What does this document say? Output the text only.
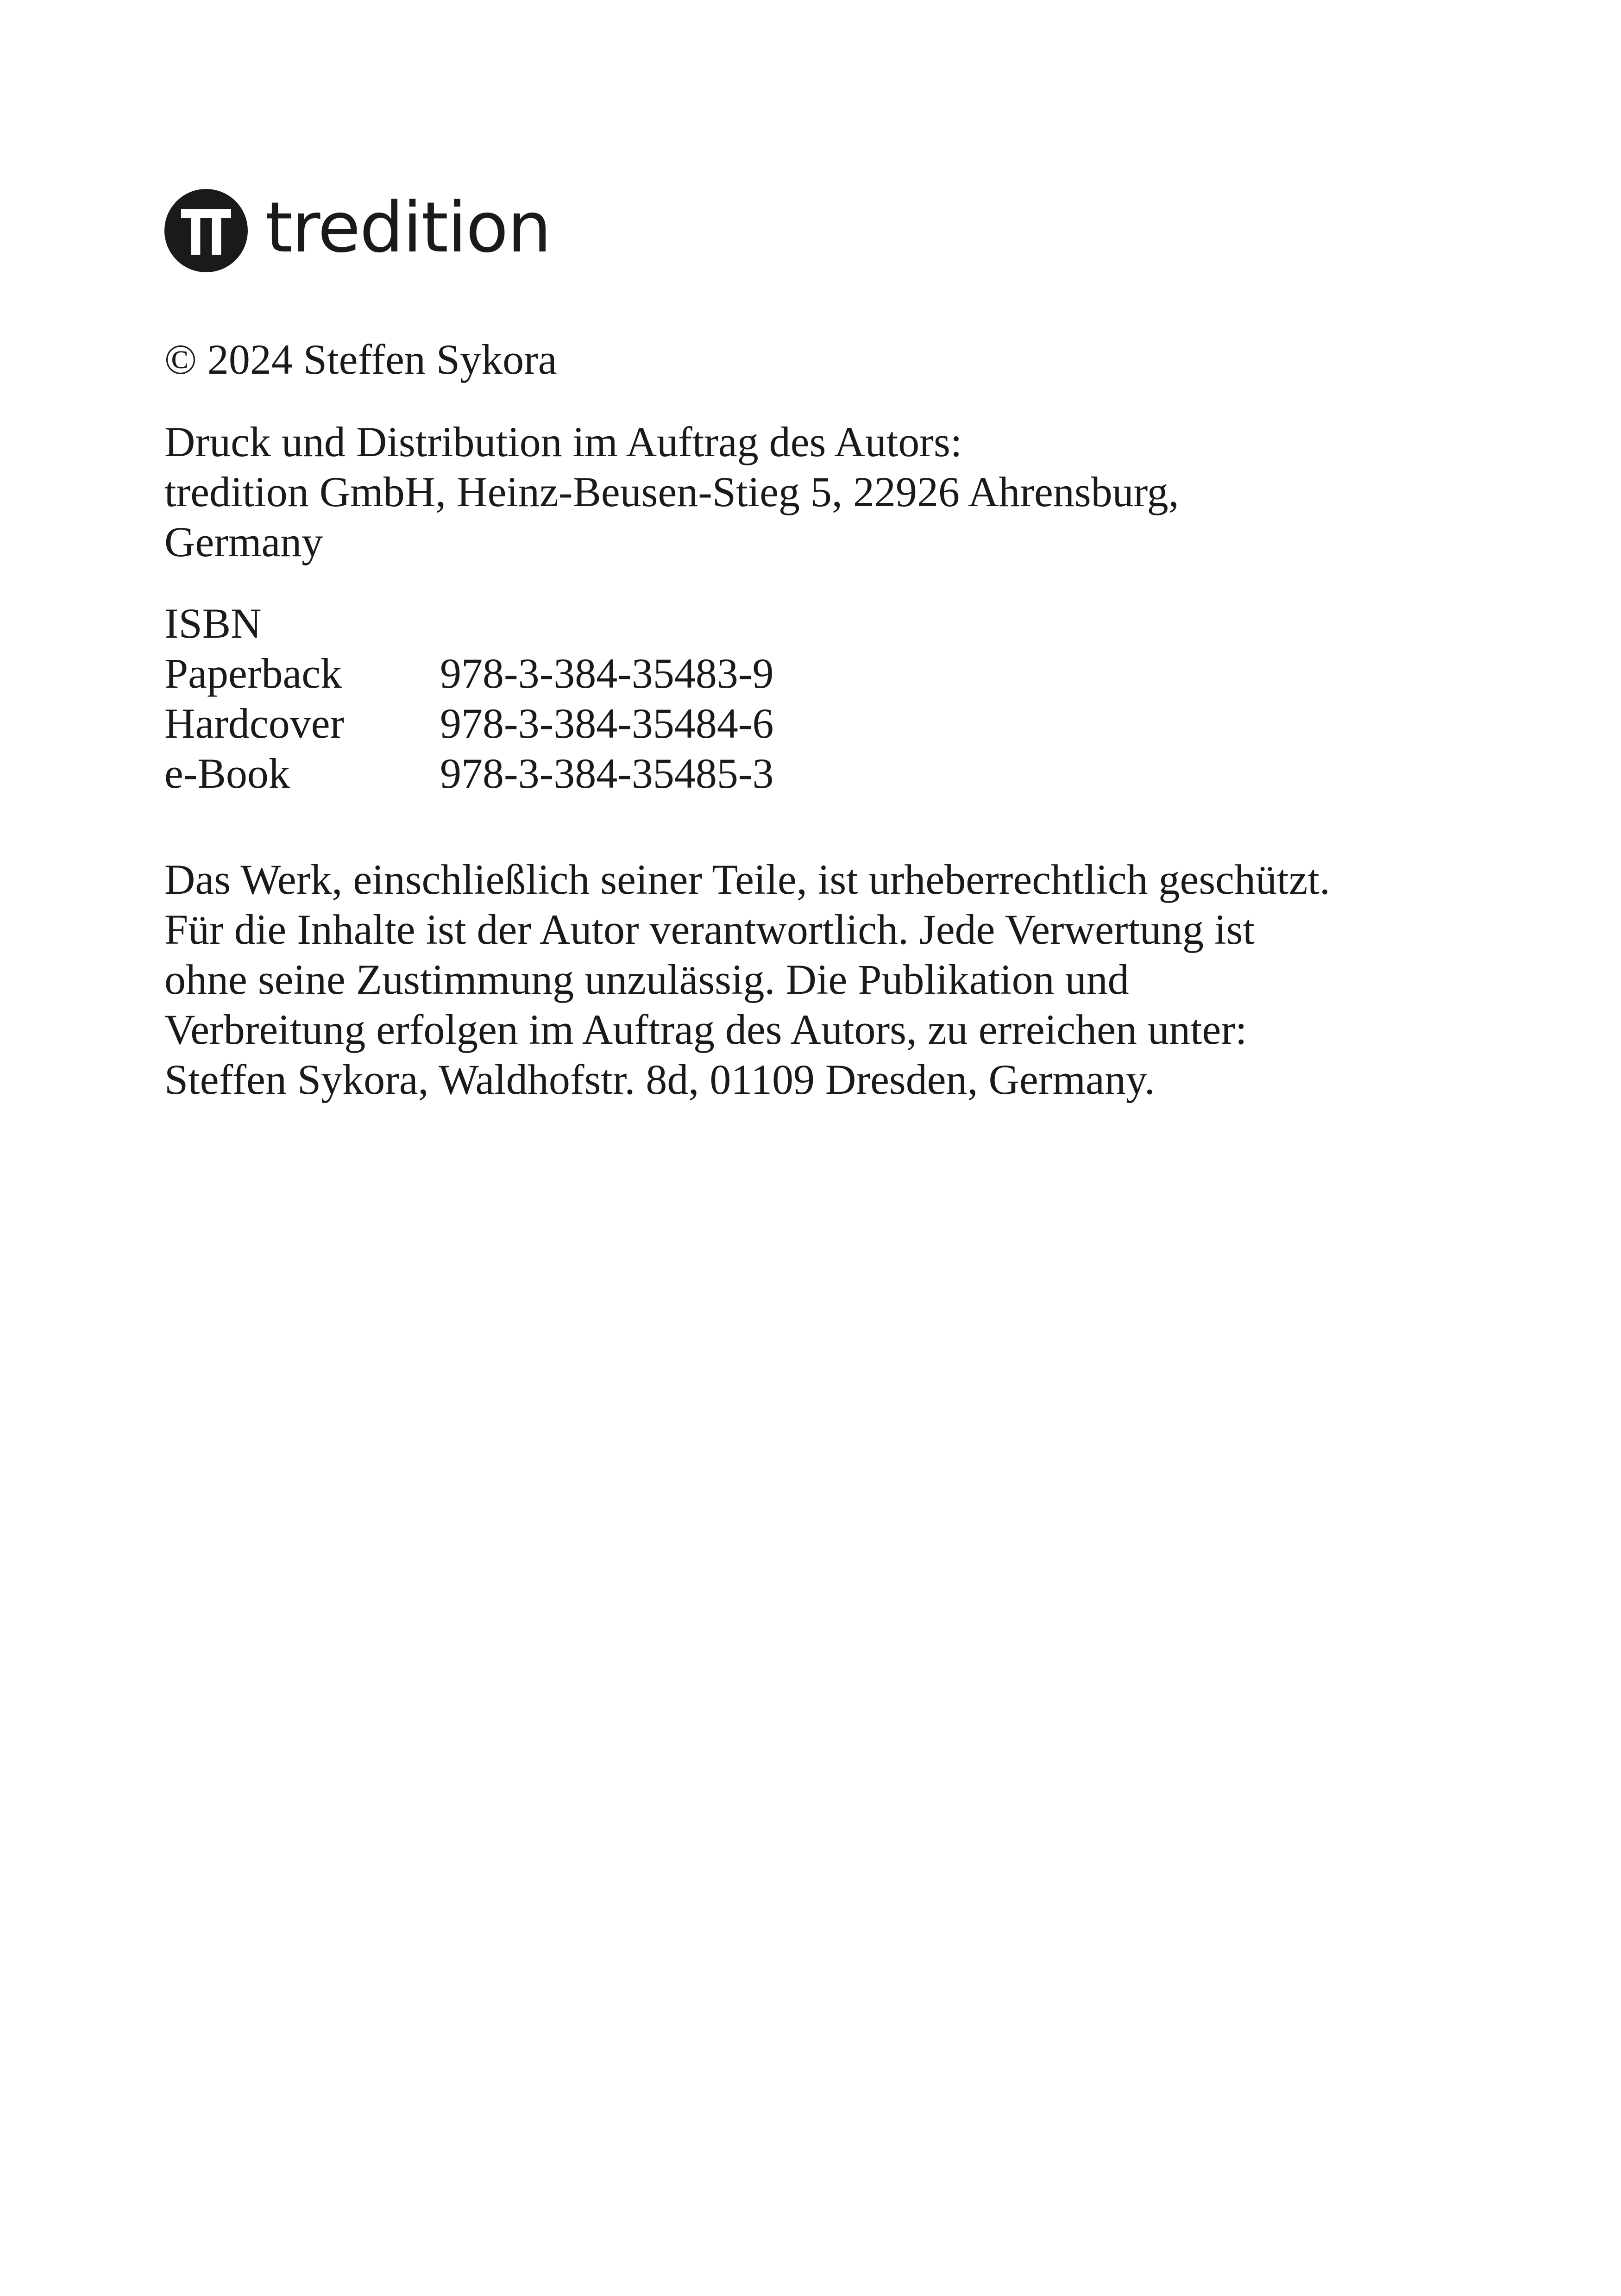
tredition

© 2024 Steffen Sykora

Druck und Distribution im Auftrag des Autors:

tredition GmbH, Heinz-Beusen-Stieg 5, 22926 Ahrensburg,

Germany

ISBN

Paperback	978-3-384-35483-9
Hardcover	978-3-384-35484-6
e-Book	978-3-384-35485-3

Das Werk, einschließlich seiner Teile, ist urheberrechtlich geschützt.

Für die Inhalte ist der Autor verantwortlich. Jede Verwertung ist

ohne seine Zustimmung unzulässig. Die Publikation und

Verbreitung erfolgen im Auftrag des Autors, zu erreichen unter:

Steffen Sykora, Waldhofstr. 8d, 01109 Dresden, Germany.
